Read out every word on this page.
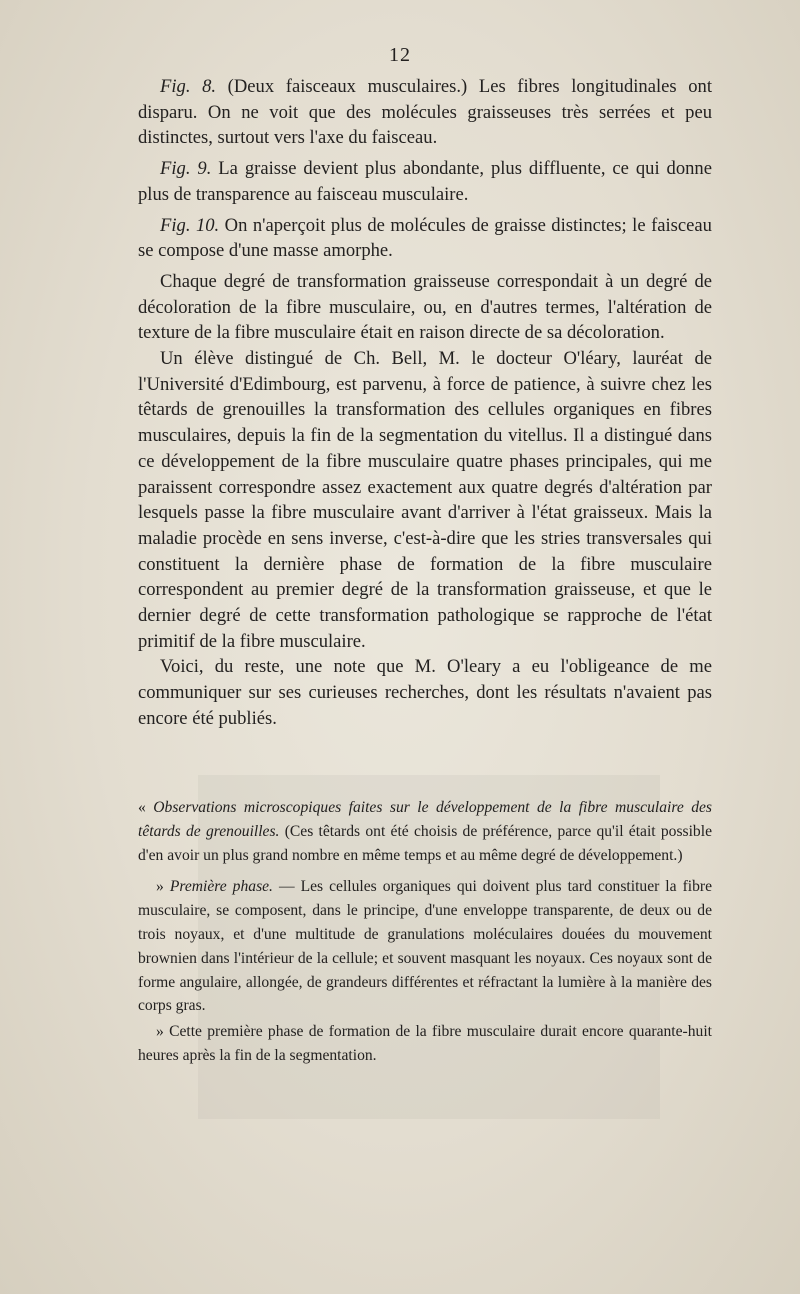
12

Fig. 8. (Deux faisceaux musculaires.) Les fibres longitudinales ont disparu. On ne voit que des molécules graisseuses très serrées et peu distinctes, surtout vers l'axe du faisceau.

Fig. 9. La graisse devient plus abondante, plus diffluente, ce qui donne plus de transparence au faisceau musculaire.

Fig. 10. On n'aperçoit plus de molécules de graisse distinctes; le faisceau se compose d'une masse amorphe.

Chaque degré de transformation graisseuse correspondait à un degré de décoloration de la fibre musculaire, ou, en d'autres termes, l'altération de texture de la fibre musculaire était en raison directe de sa décoloration.

Un élève distingué de Ch. Bell, M. le docteur O'léary, lauréat de l'Université d'Edimbourg, est parvenu, à force de patience, à suivre chez les têtards de grenouilles la transformation des cellules organiques en fibres musculaires, depuis la fin de la segmentation du vitellus. Il a distingué dans ce développement de la fibre musculaire quatre phases principales, qui me paraissent correspondre assez exactement aux quatre degrés d'altération par lesquels passe la fibre musculaire avant d'arriver à l'état graisseux. Mais la maladie procède en sens inverse, c'est-à-dire que les stries transversales qui constituent la dernière phase de formation de la fibre musculaire correspondent au premier degré de la transformation graisseuse, et que le dernier degré de cette transformation pathologique se rapproche de l'état primitif de la fibre musculaire.

Voici, du reste, une note que M. O'leary a eu l'obligeance de me communiquer sur ses curieuses recherches, dont les résultats n'avaient pas encore été publiés.

« Observations microscopiques faites sur le développement de la fibre musculaire des têtards de grenouilles. (Ces têtards ont été choisis de préférence, parce qu'il était possible d'en avoir un plus grand nombre en même temps et au même degré de développement.)

» Première phase. — Les cellules organiques qui doivent plus tard constituer la fibre musculaire, se composent, dans le principe, d'une enveloppe transparente, de deux ou de trois noyaux, et d'une multitude de granulations moléculaires douées du mouvement brownien dans l'intérieur de la cellule; et souvent masquant les noyaux. Ces noyaux sont de forme angulaire, allongée, de grandeurs différentes et réfractant la lumière à la manière des corps gras.

» Cette première phase de formation de la fibre musculaire durait encore quarante-huit heures après la fin de la segmentation.
